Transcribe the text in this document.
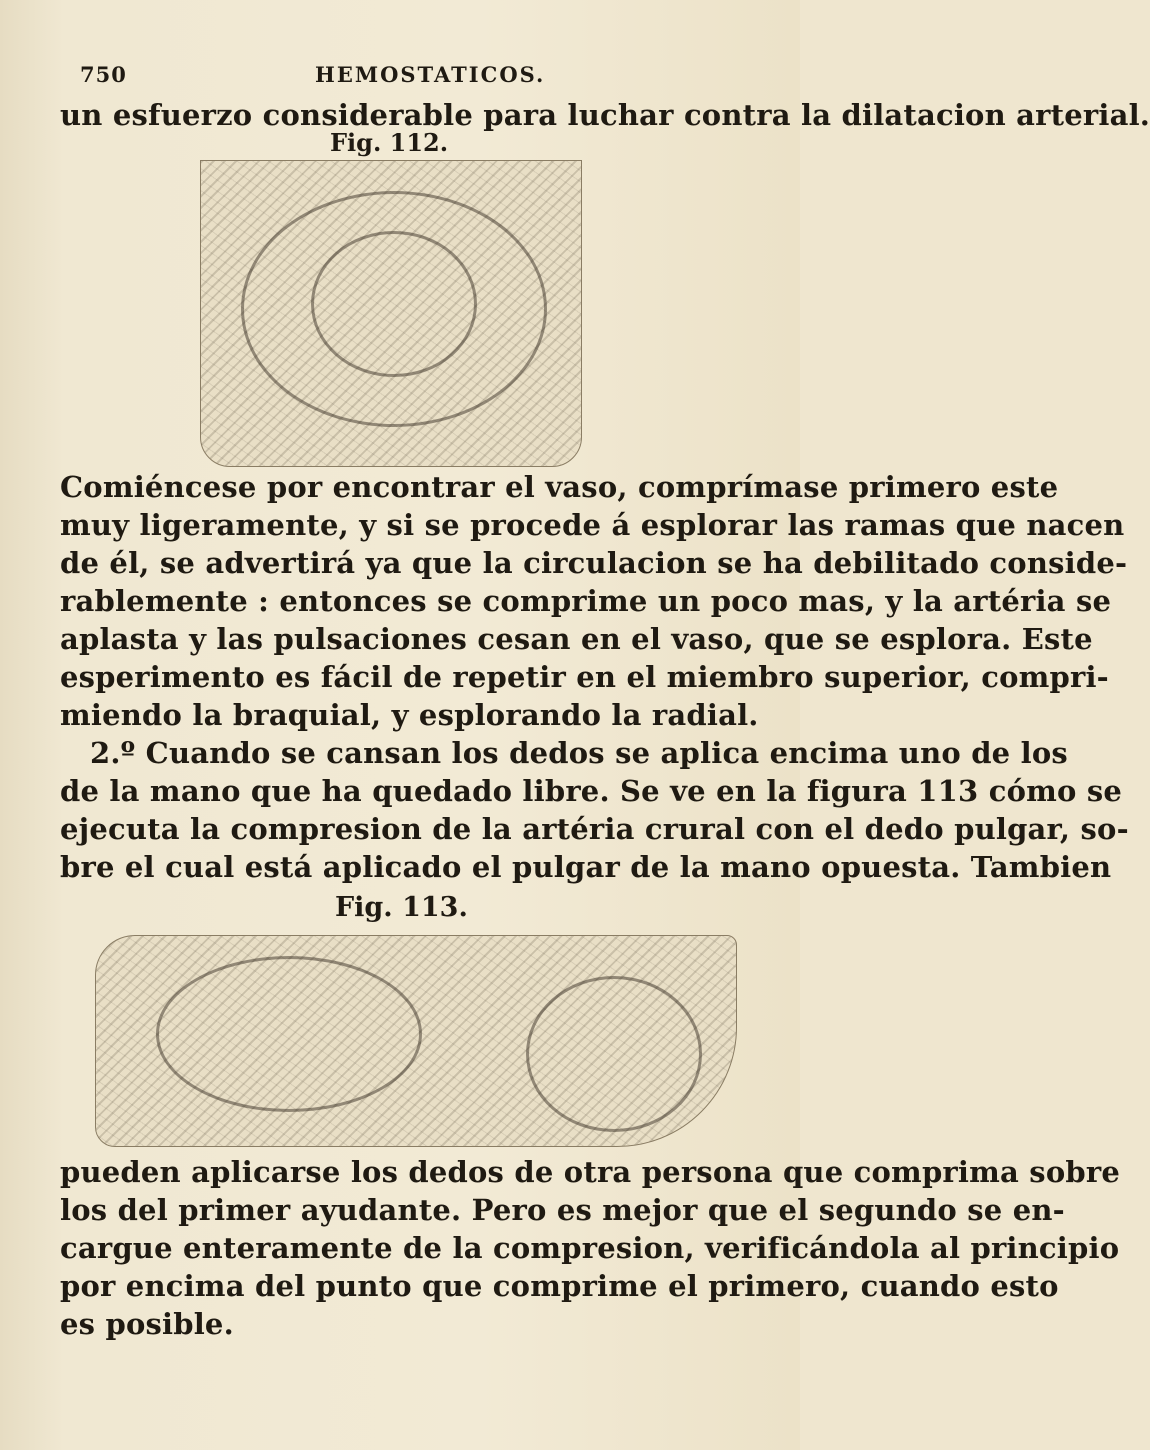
750	HEMOSTATICOS.
un esfuerzo considerable para luchar contra la dilatacion arterial.
Fig. 112.
Comiéncese por encontrar el vaso, comprímase primero este
muy ligeramente, y si se procede á esplorar las ramas que nacen
de él, se advertirá ya que la circulacion se ha debilitado conside-
rablemente : entonces se comprime un poco mas, y la artéria se
aplasta y las pulsaciones cesan en el vaso, que se esplora. Este
esperimento es fácil de repetir en el miembro superior, compri-
miendo la braquial, y esplorando la radial.
2.º Cuando se cansan los dedos se aplica encima uno de los
de la mano que ha quedado libre. Se ve en la figura 113 cómo se
ejecuta la compresion de la artéria crural con el dedo pulgar, so-
bre el cual está aplicado el pulgar de la mano opuesta. Tambien
Fig. 113.
pueden aplicarse los dedos de otra persona que comprima sobre
los del primer ayudante. Pero es mejor que el segundo se en-
cargue enteramente de la compresion, verificándola al principio
por encima del punto que comprime el primero, cuando esto
es posible.
